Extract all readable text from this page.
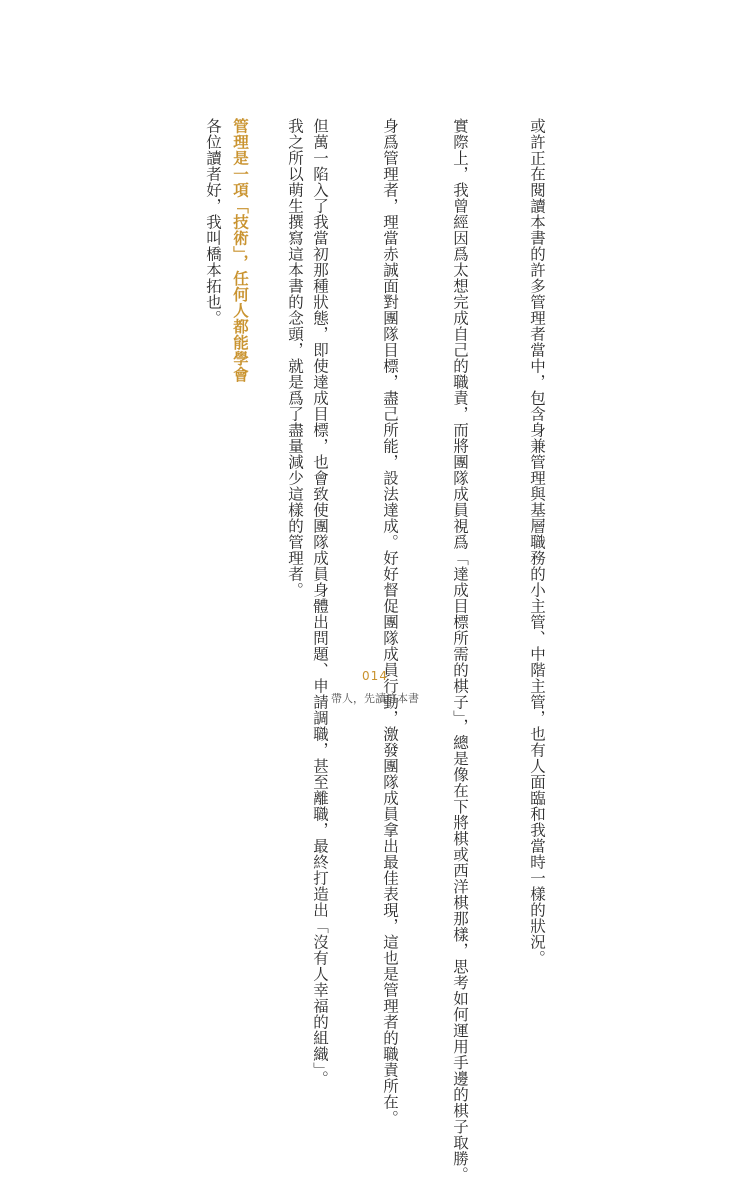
或許正在閱讀本書的許多管理者當中，包含身兼管理與基層職務的小主管、中階主管，也有人面臨和我當時一樣的狀況。
實際上，我曾經因爲太想完成自己的職責，而將團隊成員視爲「達成目標所需的棋子」，總是像在下將棋或西洋棋那樣，思考如何運用手邊的棋子取勝。
身爲管理者，理當赤誠面對團隊目標，盡己所能，設法達成。好好督促團隊成員行動，激發團隊成員拿出最佳表現，這也是管理者的職責所在。
但萬一陷入了我當初那種狀態，即使達成目標，也會致使團隊成員身體出問題、申請調職，甚至離職，最終打造出「沒有人幸福的組織」。
我之所以萌生撰寫這本書的念頭，就是爲了盡量減少這樣的管理者。
管理是一項「技術」，任何人都能學會
各位讀者好，我叫橋本拓也。
014
帶人，先讀這本書
